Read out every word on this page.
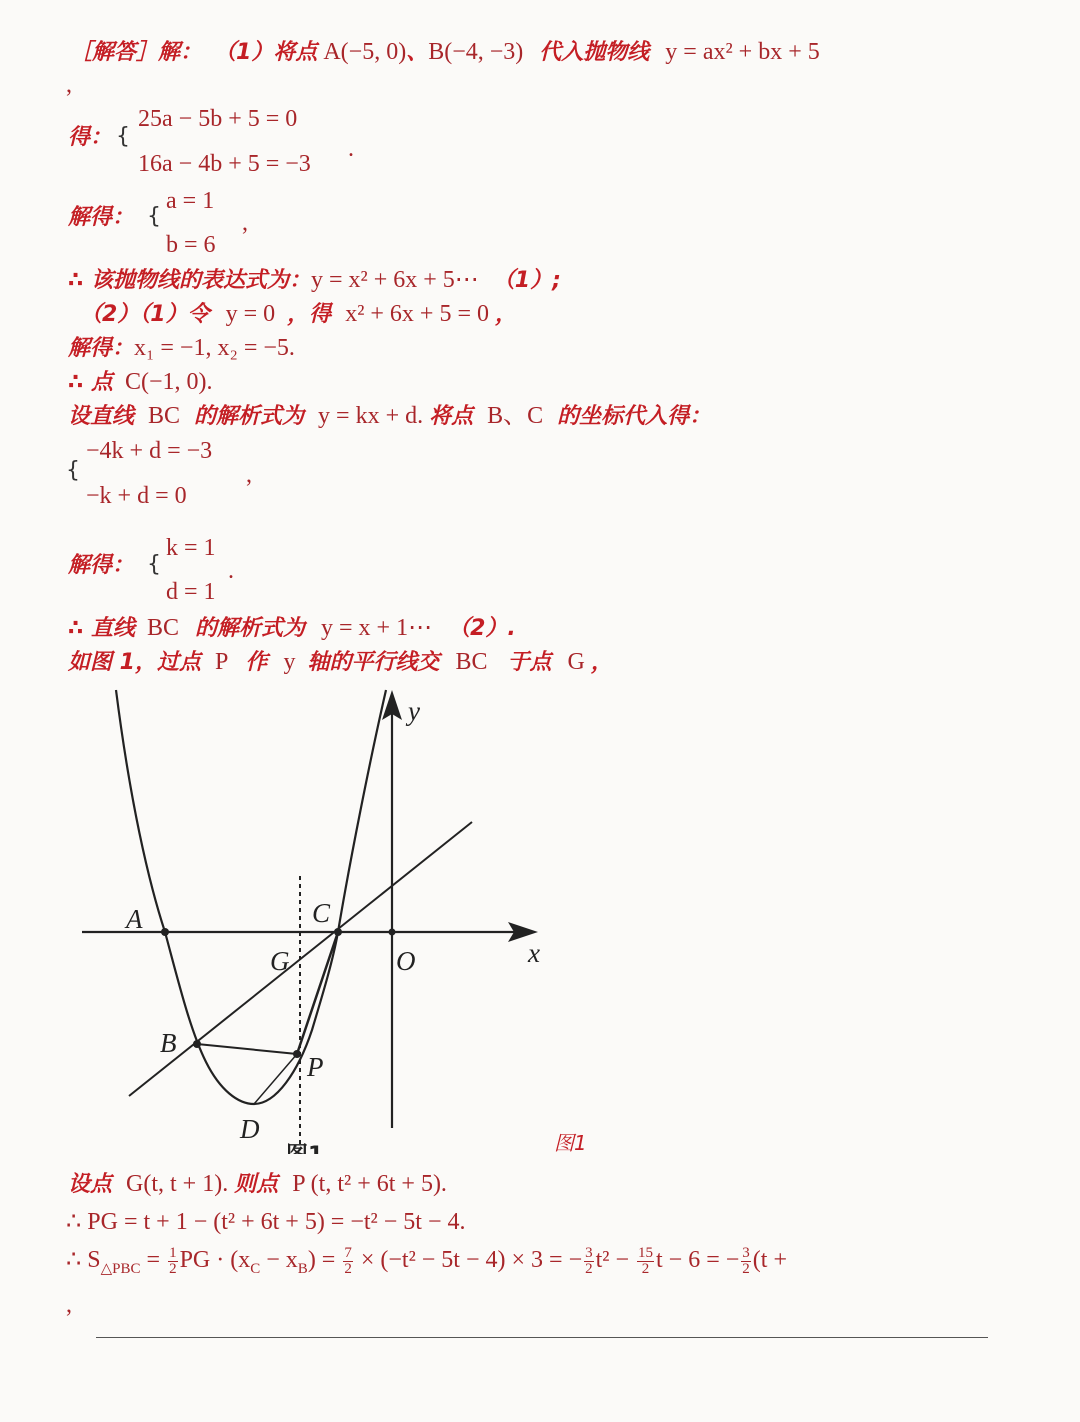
［解答］解： （1）将点 A(−5, 0)、B(−4, −3) 代入抛物线 y = ax² + bx + 5
,
得： {
25a − 5b + 5 = 0
16a − 4b + 5 = −3
.
解得： {
a = 1
b = 6
,
∴ 该抛物线的表达式为：y = x² + 6x + 5⋯ （1）;
（2）（1）令 y = 0 ，得 x² + 6x + 5 = 0 ，
解得：x₁ = −1, x₂ = −5.
∴ 点 C(−1, 0).
设直线 BC 的解析式为 y = kx + d. 将点 B、C 的坐标代入得：
{
−4k + d = −3
−k + d = 0
,
解得： {
k = 1
d = 1
.
∴ 直线 BC 的解析式为 y = x + 1⋯ （2）.
如图 1，过点 P 作 y 轴的平行线交 BC 于点 G ，
A	C
G	O	x
y
B
P
D	图1
图1
设点 G(t, t + 1). 则点 P (t, t² + 6t + 5).
∴ PG = t + 1 − (t² + 6t + 5) = −t² − 5t − 4.
∴ $S_{\triangle PBC} = \frac{1}{2}$ PG · $(x_C - x_B) = \frac{7}{2} \times (-t^2 - 5t - 4) \times 3$ = − $\frac{3}{2} t^2 - \frac{15}{2}$ t − 6 = − $\frac{3}{2} (t$ +
,
